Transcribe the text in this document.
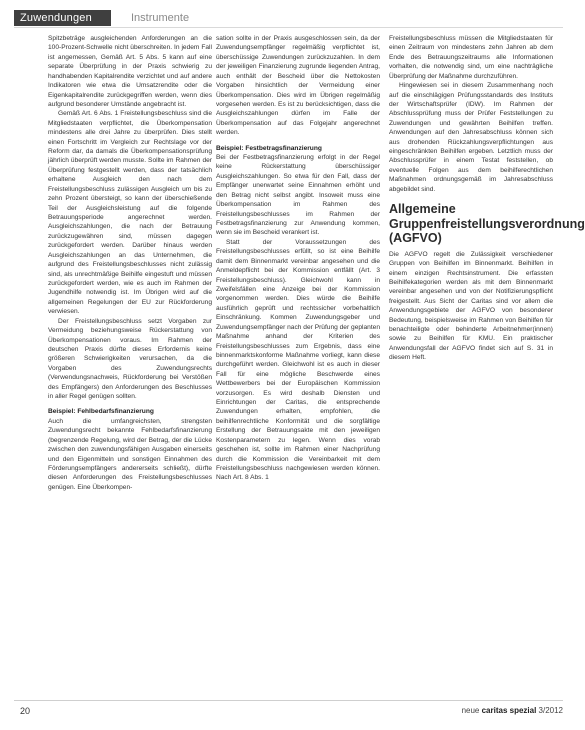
Zuwendungen	Instrumente

Spitzbeträge ausgleichenden Anforderungen an die 100-Prozent-Schwelle nicht überschreiten. In jedem Fall ist angemessen, Gemäß Art. 5 Abs. 5 kann auf eine separate Überprüfung in der Praxis schwierig zu handhabenden Kapitalrendite verzichtet und auf andere Indikatoren wie etwa die Umsatzrendite oder die Eigenkapitalrendite zurückgegriffen werden, wenn dies aufgrund besonderer Umstände angebracht ist.

Gemäß Art. 6 Abs. 1 Freistellungsbeschluss sind die Mitgliedstaaten verpflichtet, die Überkompensation mindestens alle drei Jahre zu überprüfen. Dies stellt einen Fortschritt im Vergleich zur Rechtslage vor der Reform dar, da damals die Überkompensationsprüfung jährlich überprüft werden musste. Sollte im Rahmen der Überprüfung festgestellt werden, dass der tatsächlich erhaltene Ausgleich den nach dem Freistellungsbeschluss zulässigen Ausgleich um bis zu zehn Prozent übersteigt, so kann der überschießende Teil der Ausgleichsleistung auf die folgende Betrauungsperiode angerechnet werden. Ausgleichszahlungen, die nach der Betrauung zurückzugewähren sind, müssen dagegen zurückgefordert werden. Darüber hinaus werden Ausgleichszahlungen an das Unternehmen, die aufgrund des Freistellungsbeschlusses nicht zulässig sind, als unrechtmäßige Beihilfe eingestuft und müssen zurückgefordert werden, wie es auch im Rahmen der Jugendhilfe notwendig ist. Im Übrigen wird auf die allgemeinen Regelungen der EU zur Rückforderung verwiesen.

Der Freistellungsbeschluss setzt Vorgaben zur Vermeidung beziehungsweise Rückerstattung von Überkompensationen voraus. Im Rahmen der deutschen Praxis dürfte dieses Erfordernis keine größeren Schwierigkeiten verursachen, da die Vorgaben des Zuwendungsrechts (Verwendungsnachweis, Rückforderung bei Verstößen des Empfängers) den Anforderungen des Beschlusses in aller Regel genügen sollten.

Beispiel: Fehlbedarfsfinanzierung

Auch die umfangreichsten, strengsten Zuwendungsrecht bekannte Fehlbedarfsfinanzierung (begrenzende Regelung, wird der Betrag, der die Lücke zwischen den zuwendungsfähigen Ausgaben einerseits und den Eigenmitteln und sonstigen Einnahmen des Förderungsempfängers andererseits schließt), dürfte diesen Anforderungen des Freistellungsbeschlusses genügen. Eine Überkompen-

sation sollte in der Praxis ausgeschlossen sein, da der Zuwendungsempfänger regelmäßig verpflichtet ist, überschüssige Zuwendungen zurückzuzahlen. In dem der jeweiligen Finanzierung zugrunde liegenden Antrag, auch enthält der Bescheid über die Nettokosten Vorgaben hinsichtlich der Vermeidung einer Überkompensation. Dies wird im Übrigen regelmäßig vorgesehen werden. Es ist zu berücksichtigen, dass die Ausgleichszahlungen dürfen im Falle der Überkompensation auf das Folgejahr angerechnet werden.

Beispiel: Festbetragsfinanzierung

Bei der Festbetragsfinanzierung erfolgt in der Regel keine Rückerstattung überschüssiger Ausgleichszahlungen. So etwa für den Fall, dass der Empfänger unerwartet seine Einnahmen erhöht und den Betrag nicht selbst angibt. Insoweit muss eine Überkompensation im Rahmen des Freistellungsbeschlusses im Rahmen der Festbetragsfinanzierung zur Anwendung kommen, wenn sie im Bescheid verankert ist.

Statt der Voraussetzungen des Freistellungsbeschlusses erfüllt, so ist eine Beihilfe damit dem Binnenmarkt vereinbar angesehen und die Anmeldepflicht bei der Kommission entfällt (Art. 3 Freistellungsbeschluss). Gleichwohl kann in Zweifelsfällen eine Anzeige bei der Kommission vorgenommen werden. Dies würde die Beihilfe ausführlich geprüft und rechtssicher vorbehaltlich Einschränkung. Kommen Zuwendungsgeber und Zuwendungsempfänger nach der Prüfung der geplanten Maßnahme anhand der Kriterien des Freistellungsbeschlusses zum Ergebnis, dass eine binnenmarktskonforme Maßnahme vorliegt, kann diese durchgeführt werden. Gleichwohl ist es auch in dieser Fall für eine mögliche Beschwerde eines Wettbewerbers bei der Europäischen Kommission vorzusorgen. Es wird deshalb Diensten und Einrichtungen der Caritas, die entsprechende Zuwendungen erhalten, empfohlen, die beihilfenrechtliche Konformität und die sorgfältige Erstellung der Betrauungsakte mit den jeweiligen Kostenparametern zu legen. Wenn dies vorab geschehen ist, sollte im Rahmen einer Nachprüfung durch die Kommission die Vereinbarkeit mit dem Freistellungsbeschluss nachgewiesen werden können. Nach Art. 8 Abs. 1

Freistellungsbeschluss müssen die Mitgliedstaaten für einen Zeitraum von mindestens zehn Jahren ab dem Ende des Betrauungszeitraums alle Informationen vorhalten, die notwendig sind, um eine nachträgliche Überprüfung der Maßnahme durchzuführen.

Hingewiesen sei in diesem Zusammenhang noch auf die einschlägigen Prüfungsstandards des Instituts der Wirtschaftsprüfer (IDW). Im Rahmen der Abschlussprüfung muss der Prüfer Feststellungen zu Zuwendungen und gewährten Beihilfen treffen. Anwendungen auf den Jahresabschluss können sich aus drohenden Rückzahlungsverpflichtungen aus eingeschränkten Beihilfen ergeben. Letztlich muss der Abschlussprüfer in einem Testat feststellen, ob eventuelle Folgen aus dem beihilferechtlichen Maßnahmen ordnungsgemäß im Jahresabschluss abgebildet sind.

Allgemeine Gruppenfreistellungsverordnung (AGFVO)

Die AGFVO regelt die Zulässigkeit verschiedener Gruppen von Beihilfen im Binnenmarkt. Beihilfen in einem einzigen Rechtsinstrument. Die erfassten Beihilfekategorien werden als mit dem Binnenmarkt vereinbar angesehen und von der Notifizierungspflicht freigestellt. Aus Sicht der Caritas sind vor allem die Anwendungsgebiete der AGFVO von besonderer Bedeutung, beispielsweise im Rahmen von Beihilfen für benachteiligte oder behinderte Arbeitnehmer(innen) sowie zu Beihilfen für KMU. Ein praktischer Anwendungsfall der AGFVO findet sich auf S. 31 in diesem Heft.

20	neue caritas spezial 3/2012
